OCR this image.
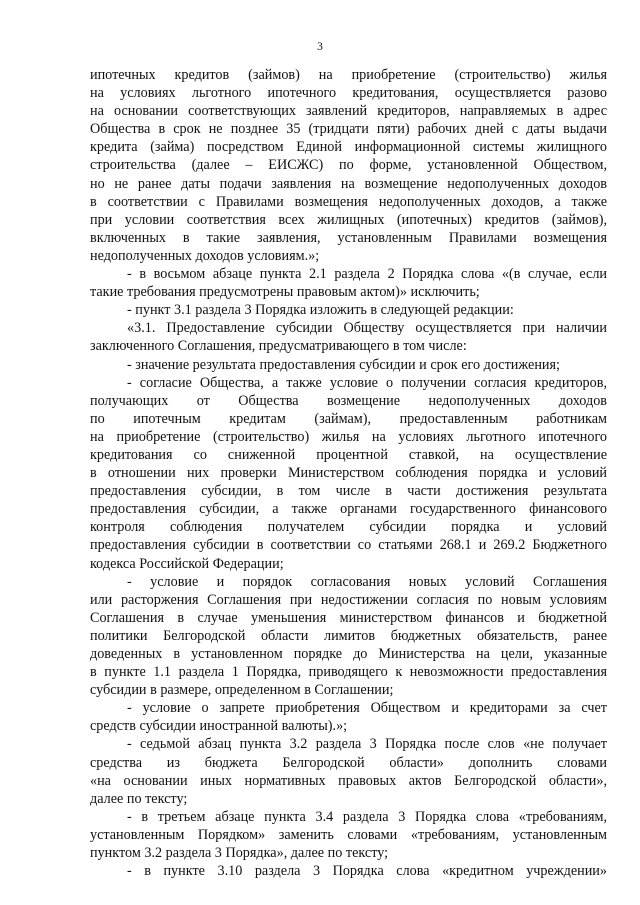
3

ипотечных кредитов (займов) на приобретение (строительство) жилья

на условиях льготного ипотечного кредитования, осуществляется разово

на основании соответствующих заявлений кредиторов, направляемых в адрес

Общества в срок не позднее 35 (тридцати пяти) рабочих дней с даты выдачи

кредита (займа) посредством Единой информационной системы жилищного

строительства (далее – ЕИСЖС) по форме, установленной Обществом,

но не ранее даты подачи заявления на возмещение недополученных доходов

в соответствии с Правилами возмещения недополученных доходов, а также

при условии соответствия всех жилищных (ипотечных) кредитов (займов),

включенных в такие заявления, установленным Правилами возмещения

недополученных доходов условиям.»;

- в восьмом абзаце пункта 2.1 раздела 2 Порядка слова «(в случае, если

такие требования предусмотрены правовым актом)» исключить;

- пункт 3.1 раздела 3 Порядка изложить в следующей редакции:

«3.1. Предоставление субсидии Обществу осуществляется при наличии

заключенного Соглашения, предусматривающего в том числе:

- значение результата предоставления субсидии и срок его достижения;

- согласие Общества, а также условие о получении согласия кредиторов,

получающих от Общества возмещение недополученных доходов

по ипотечным кредитам (займам), предоставленным работникам

на приобретение (строительство) жилья на условиях льготного ипотечного

кредитования со сниженной процентной ставкой, на осуществление

в отношении них проверки Министерством соблюдения порядка и условий

предоставления субсидии, в том числе в части достижения результата

предоставления субсидии, а также органами государственного финансового

контроля соблюдения получателем субсидии порядка и условий

предоставления субсидии в соответствии со статьями 268.1 и 269.2 Бюджетного

кодекса Российской Федерации;

- условие и порядок согласования новых условий Соглашения

или расторжения Соглашения при недостижении согласия по новым условиям

Соглашения в случае уменьшения министерством финансов и бюджетной

политики Белгородской области лимитов бюджетных обязательств, ранее

доведенных в установленном порядке до Министерства на цели, указанные

в пункте 1.1 раздела 1 Порядка, приводящего к невозможности предоставления

субсидии в размере, определенном в Соглашении;

- условие о запрете приобретения Обществом и кредиторами за счет

средств субсидии иностранной валюты).»;

- седьмой абзац пункта 3.2 раздела 3 Порядка после слов «не получает

средства из бюджета Белгородской области» дополнить словами

«на основании иных нормативных правовых актов Белгородской области»,

далее по тексту;

- в третьем абзаце пункта 3.4 раздела 3 Порядка слова «требованиям,

установленным Порядком» заменить словами «требованиям, установленным

пунктом 3.2 раздела 3 Порядка», далее по тексту;

- в пункте 3.10 раздела 3 Порядка слова «кредитном учреждении»
